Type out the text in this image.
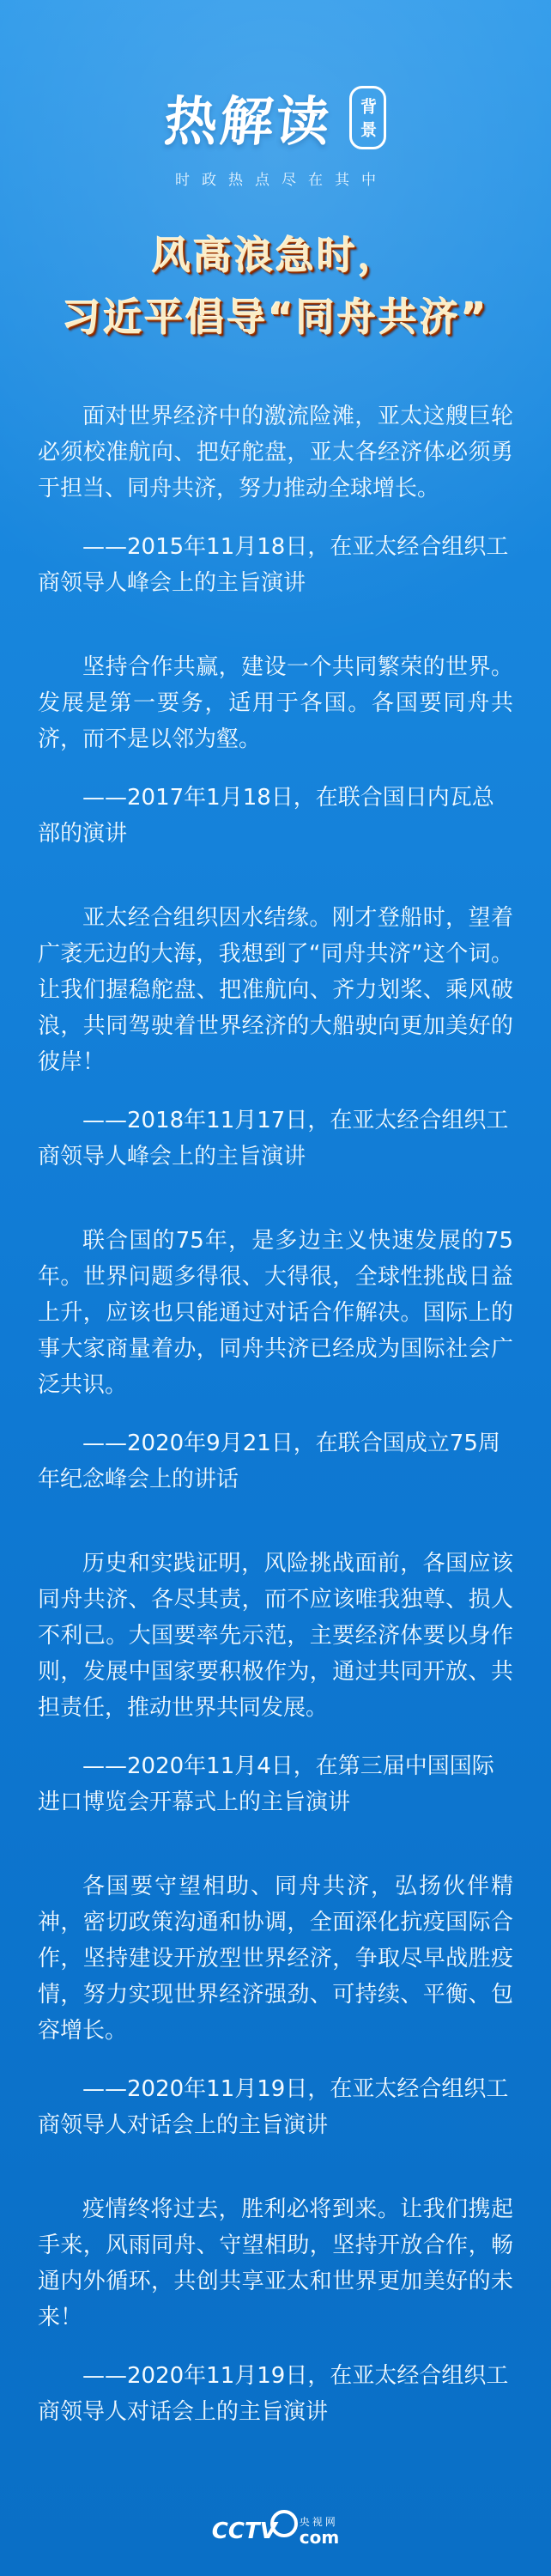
热解读	背景
时政热点尽在其中
风高浪急时，
习近平倡导“同舟共济”

面对世界经济中的激流险滩，亚太这艘巨轮必须校准航向、把好舵盘，亚太各经济体必须勇于担当、同舟共济，努力推动全球增长。

——2015年11月18日，在亚太经合组织工商领导人峰会上的主旨演讲

坚持合作共赢，建设一个共同繁荣的世界。发展是第一要务，适用于各国。各国要同舟共济，而不是以邻为壑。

——2017年1月18日，在联合国日内瓦总部的演讲

亚太经合组织因水结缘。刚才登船时，望着广袤无边的大海，我想到了“同舟共济”这个词。让我们握稳舵盘、把准航向、齐力划桨、乘风破浪，共同驾驶着世界经济的大船驶向更加美好的彼岸！

——2018年11月17日，在亚太经合组织工商领导人峰会上的主旨演讲

联合国的75年，是多边主义快速发展的75年。世界问题多得很、大得很，全球性挑战日益上升，应该也只能通过对话合作解决。国际上的事大家商量着办，同舟共济已经成为国际社会广泛共识。

——2020年9月21日，在联合国成立75周年纪念峰会上的讲话

历史和实践证明，风险挑战面前，各国应该同舟共济、各尽其责，而不应该唯我独尊、损人不利己。大国要率先示范，主要经济体要以身作则，发展中国家要积极作为，通过共同开放、共担责任，推动世界共同发展。

——2020年11月4日，在第三届中国国际进口博览会开幕式上的主旨演讲

各国要守望相助、同舟共济，弘扬伙伴精神，密切政策沟通和协调，全面深化抗疫国际合作，坚持建设开放型世界经济，争取尽早战胜疫情，努力实现世界经济强劲、可持续、平衡、包容增长。

——2020年11月19日，在亚太经合组织工商领导人对话会上的主旨演讲

疫情终将过去，胜利必将到来。让我们携起手来，风雨同舟、守望相助，坚持开放合作，畅通内外循环，共创共享亚太和世界更加美好的未来！

——2020年11月19日，在亚太经合组织工商领导人对话会上的主旨演讲

CCTV 央视网
com
